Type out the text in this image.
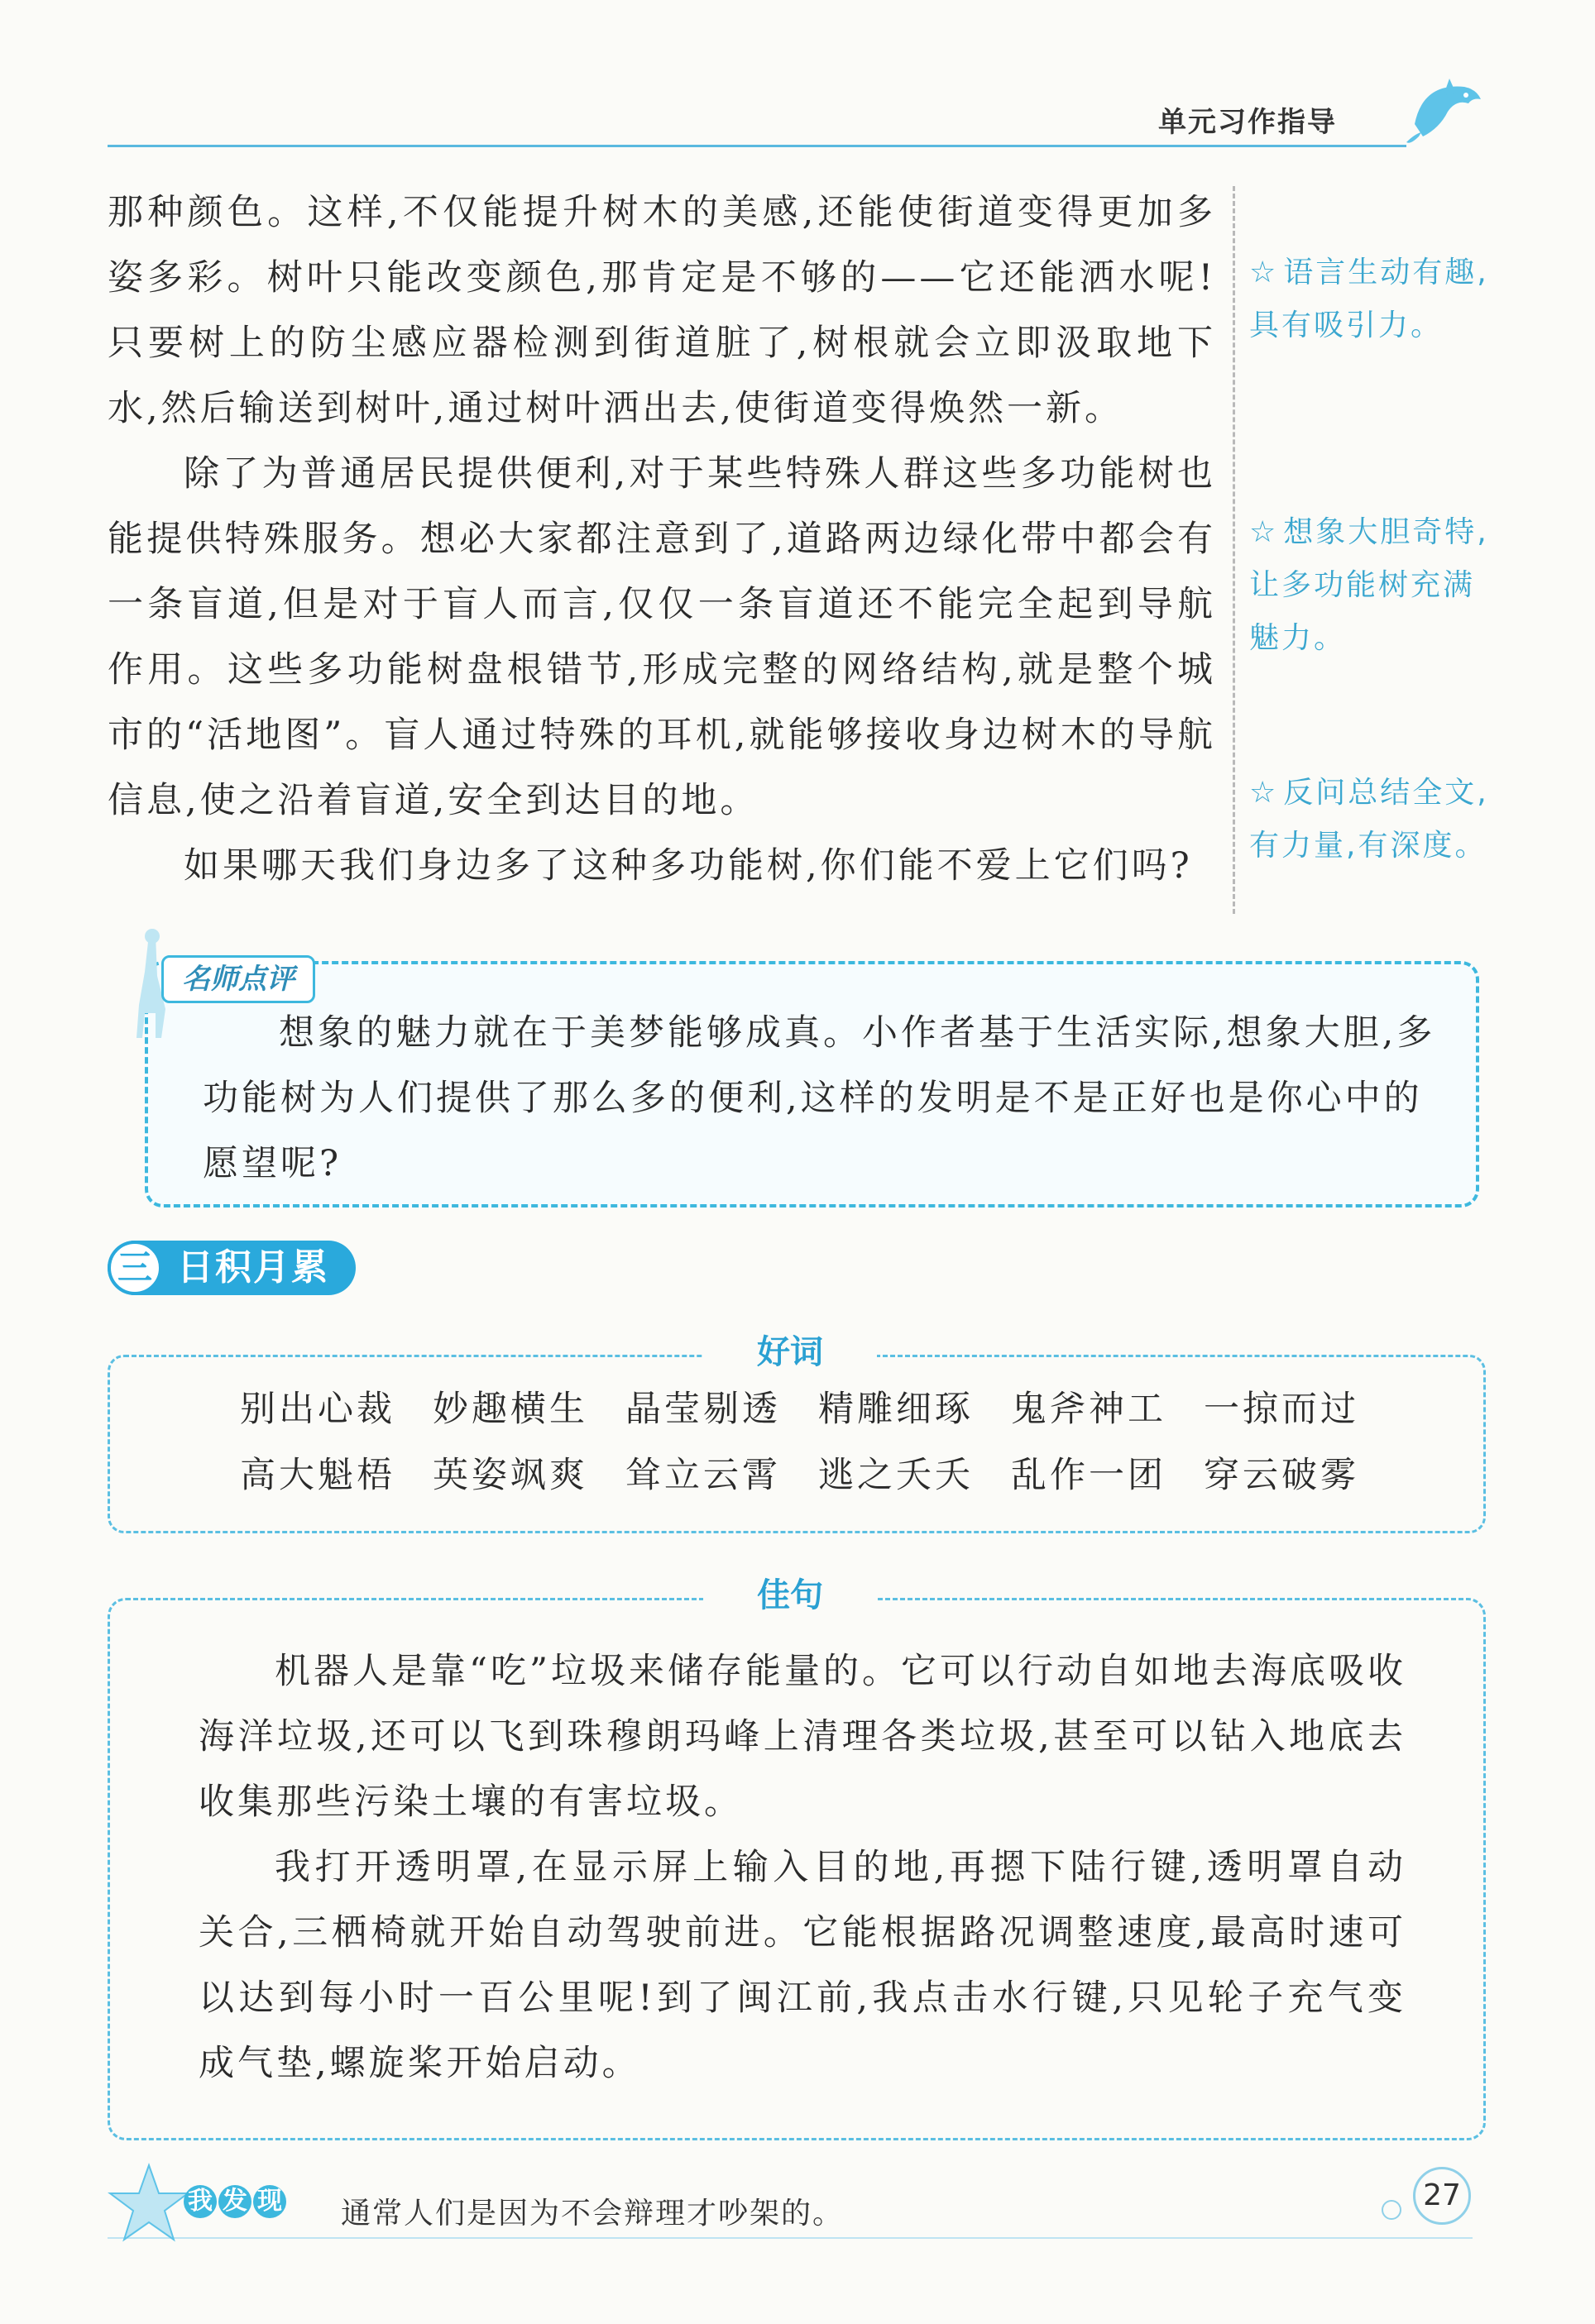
单元习作指导

那种颜色。这样,不仅能提升树木的美感,还能使街道变得更加多姿多彩。树叶只能改变颜色,那肯定是不够的——它还能洒水呢!只要树上的防尘感应器检测到街道脏了,树根就会立即汲取地下水,然后输送到树叶,通过树叶洒出去,使街道变得焕然一新。

除了为普通居民提供便利,对于某些特殊人群这些多功能树也能提供特殊服务。想必大家都注意到了,道路两边绿化带中都会有一条盲道,但是对于盲人而言,仅仅一条盲道还不能完全起到导航作用。这些多功能树盘根错节,形成完整的网络结构,就是整个城市的“活地图”。盲人通过特殊的耳机,就能够接收身边树木的导航信息,使之沿着盲道,安全到达目的地。

如果哪天我们身边多了这种多功能树,你们能不爱上它们吗?

☆ 语言生动有趣,具有吸引力。
☆ 想象大胆奇特,让多功能树充满魅力。
☆ 反问总结全文,有力量,有深度。
名师点评

想象的魅力就在于美梦能够成真。小作者基于生活实际,想象大胆,多功能树为人们提供了那么多的便利,这样的发明是不是正好也是你心中的愿望呢?

三 日积月累
好词
别出心裁	妙趣横生	晶莹剔透	精雕细琢	鬼斧神工	一掠而过
高大魁梧	英姿飒爽	耸立云霄	逃之夭夭	乱作一团	穿云破雾
佳句

机器人是靠“吃”垃圾来储存能量的。它可以行动自如地去海底吸收海洋垃圾,还可以飞到珠穆朗玛峰上清理各类垃圾,甚至可以钻入地底去收集那些污染土壤的有害垃圾。

我打开透明罩,在显示屏上输入目的地,再摁下陆行键,透明罩自动关合,三栖椅就开始自动驾驶前进。它能根据路况调整速度,最高时速可以达到每小时一百公里呢!到了闽江前,我点击水行键,只见轮子充气变成气垫,螺旋桨开始启动。

我 发 现 通常人们是因为不会辩理才吵架的。
27
